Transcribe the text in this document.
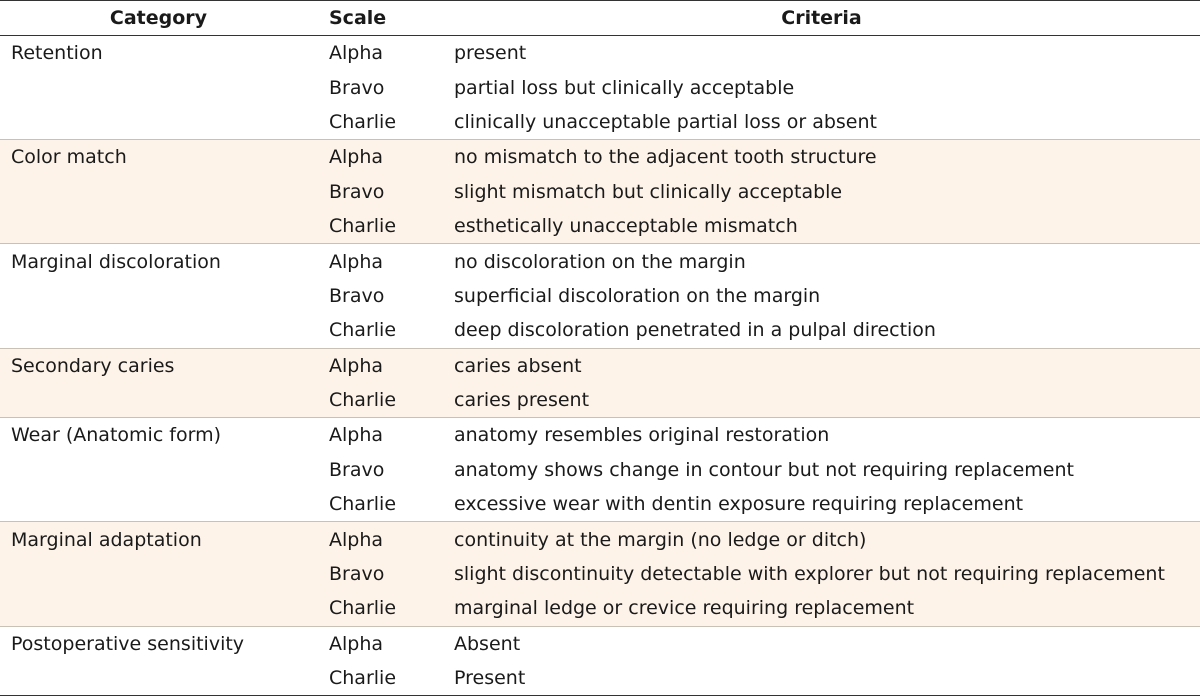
Category	Scale	Criteria
Retention	Alpha	present
	Bravo	partial loss but clinically acceptable
	Charlie	clinically unacceptable partial loss or absent
Color match	Alpha	no mismatch to the adjacent tooth structure
	Bravo	slight mismatch but clinically acceptable
	Charlie	esthetically unacceptable mismatch
Marginal discoloration	Alpha	no discoloration on the margin
	Bravo	superficial discoloration on the margin
	Charlie	deep discoloration penetrated in a pulpal direction
Secondary caries	Alpha	caries absent
	Charlie	caries present
Wear (Anatomic form)	Alpha	anatomy resembles original restoration
	Bravo	anatomy shows change in contour but not requiring replacement
	Charlie	excessive wear with dentin exposure requiring replacement
Marginal adaptation	Alpha	continuity at the margin (no ledge or ditch)
	Bravo	slight discontinuity detectable with explorer but not requiring replacement
	Charlie	marginal ledge or crevice requiring replacement
Postoperative sensitivity	Alpha	Absent
	Charlie	Present
